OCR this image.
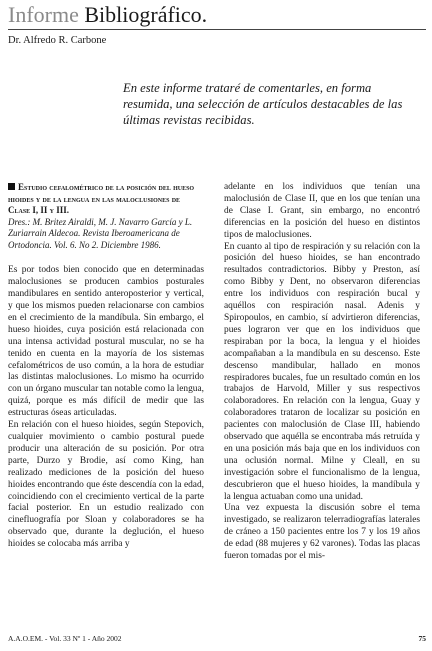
Informe Bibliográfico.
Dr. Alfredo R. Carbone
En este informe trataré de comentarles, en forma resumida, una selección de artículos destacables de las últimas revistas recibidas.

Estudio cefalométrico de la posición del hueso hioides y de la lengua en las maloclusiones de Clase I, II y III.

Dres.: M. Britez Airaldi, M. J. Navarro García y L. Zuriarrain Aldecoa. Revista Iberoamericana de Ortodoncia. Vol. 6. No 2. Diciembre 1986.

Es por todos bien conocido que en determinadas maloclusiones se producen cambios posturales mandibulares en sentido anteroposterior y vertical, y que los mismos pueden relacionarse con cambios en el crecimiento de la mandíbula. Sin embargo, el hueso hioides, cuya posición está relacionada con una intensa actividad postural muscular, no se ha tenido en cuenta en la mayoría de los sistemas cefalométricos de uso común, a la hora de estudiar las distintas maloclusiones. Lo mismo ha ocurrido con un órgano muscular tan notable como la lengua, quizá, porque es más difícil de medir que las estructuras óseas articuladas.

En relación con el hueso hioides, según Stepovich, cualquier movimiento o cambio postural puede producir una alteración de su posición. Por otra parte, Durzo y Brodie, así como King, han realizado mediciones de la posición del hueso hioides encontrando que éste descendía con la edad, coincidiendo con el crecimiento vertical de la parte facial posterior. En un estudio realizado con cinefluografía por Sloan y colaboradores se ha observado que, durante la deglución, el hueso hioides se colocaba más arriba y

adelante en los individuos que tenían una maloclusión de Clase II, que en los que tenían una de Clase I. Grant, sin embargo, no encontró diferencias en la posición del hueso en distintos tipos de maloclusiones.

En cuanto al tipo de respiración y su relación con la posición del hueso hioides, se han encontrado resultados contradictorios. Bibby y Preston, así como Bibby y Dent, no observaron diferencias entre los individuos con respiración bucal y aquéllos con respiración nasal. Adenis y Spiropoulos, en cambio, sí advirtieron diferencias, pues lograron ver que en los individuos que respiraban por la boca, la lengua y el hioides acompañaban a la mandíbula en su descenso. Este descenso mandibular, hallado en monos respiradores bucales, fue un resultado común en los trabajos de Harvold, Miller y sus respectivos colaboradores. En relación con la lengua, Guay y colaboradores trataron de localizar su posición en pacientes con maloclusión de Clase III, habiendo observado que aquélla se encontraba más retruída y en una posición más baja que en los individuos con una oclusión normal. Milne y Cleall, en su investigación sobre el funcionalismo de la lengua, descubrieron que el hueso hioides, la mandíbula y la lengua actuaban como una unidad.

Una vez expuesta la discusión sobre el tema investigado, se realizaron telerradiografías laterales de cráneo a 150 pacientes entre los 7 y los 19 años de edad (88 mujeres y 62 varones). Todas las placas fueron tomadas por el mis-

A.A.O.EM. - Vol. 33 Nº 1 - Año 2002	75
